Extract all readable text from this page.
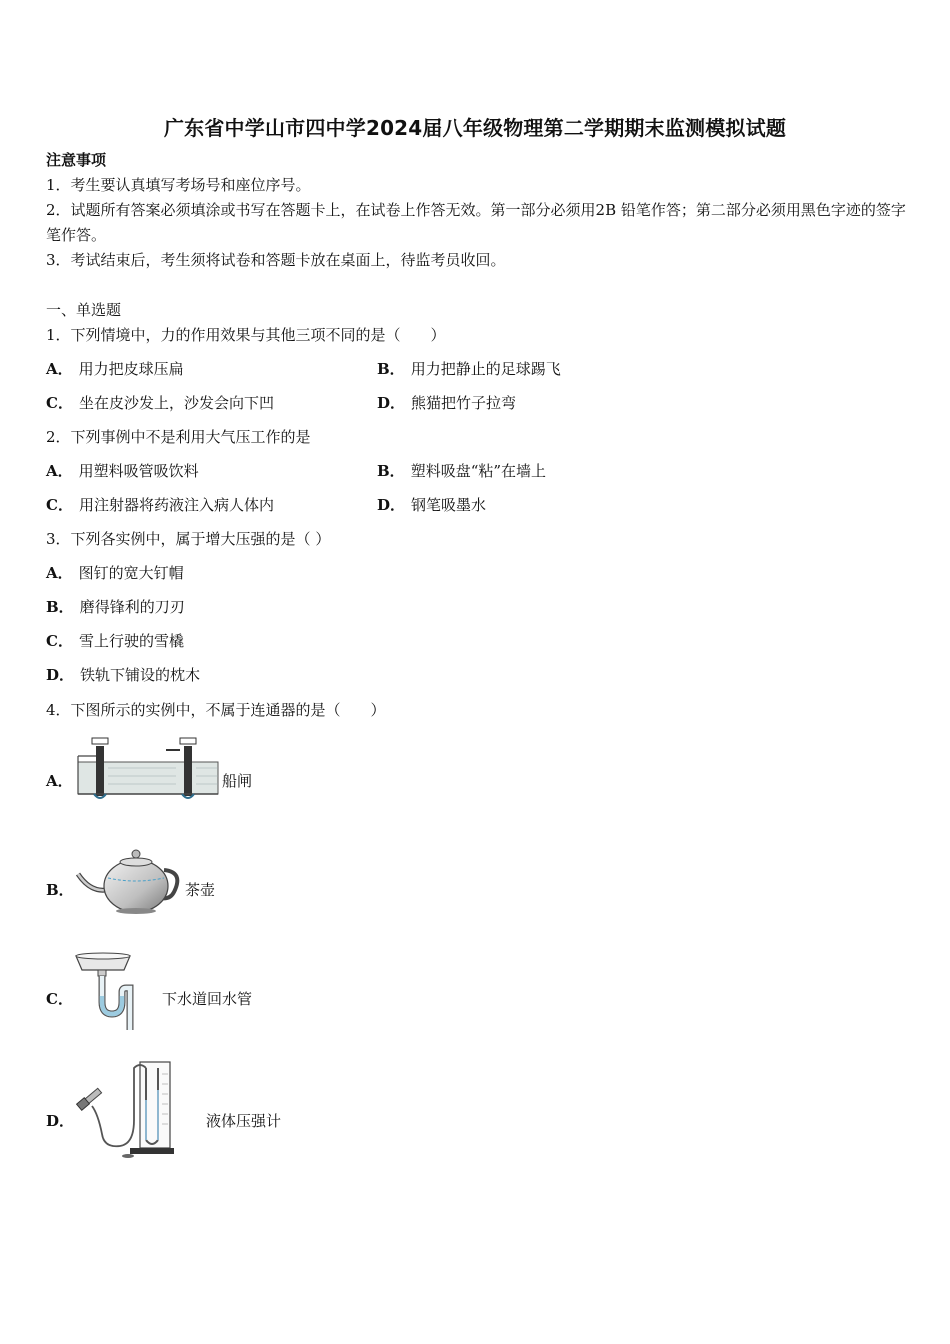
广东省中学山市四中学2024届八年级物理第二学期期末监测模拟试题
注意事项
1．考生要认真填写考场号和座位序号。
2．试题所有答案必须填涂或书写在答题卡上，在试卷上作答无效。第一部分必须用2B 铅笔作答；第二部分必须用黑色字迹的签字笔作答。
3．考试结束后，考生须将试卷和答题卡放在桌面上，待监考员收回。
一、单选题
1．下列情境中，力的作用效果与其他三项不同的是（　　）
A． 用力把皮球压扁	B． 用力把静止的足球踢飞
C． 坐在皮沙发上，沙发会向下凹	D． 熊猫把竹子拉弯
2．下列事例中不是利用大气压工作的是
A． 用塑料吸管吸饮料	B． 塑料吸盘“粘”在墙上
C． 用注射器将药液注入病人体内	D． 钢笔吸墨水
3．下列各实例中，属于增大压强的是（ ）
A． 图钉的宽大钉帽
B． 磨得锋利的刀刃
C． 雪上行驶的雪橇
D． 铁轨下铺设的枕木
4．下图所示的实例中，不属于连通器的是（　　）
A．	船闸
B．	茶壶
C．	下水道回水管
D．	液体压强计
